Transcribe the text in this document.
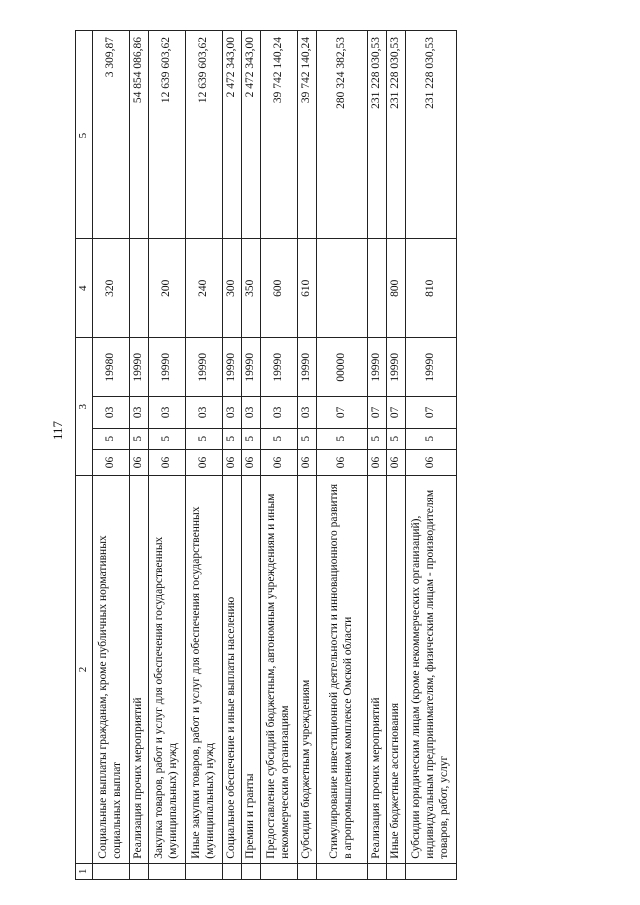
117
1	2	3				4	5
	Социальные выплаты гражданам, кроме публичных нормативных социальных выплат	06	5	03	19980	320	3 309,87
	Реализация прочих мероприятий	06	5	03	19990		54 854 086,86
	Закупка товаров, работ и услуг для обеспечения государственных (муниципальных) нужд	06	5	03	19990	200	12 639 603,62
	Иные закупки товаров, работ и услуг для обеспечения государственных (муниципальных) нужд	06	5	03	19990	240	12 639 603,62
	Социальное обеспечение и иные выплаты населению	06	5	03	19990	300	2 472 343,00
	Премии и гранты	06	5	03	19990	350	2 472 343,00
	Предоставление субсидий бюджетным, автономным учреждениям и иным некоммерческим организациям	06	5	03	19990	600	39 742 140,24
	Субсидии бюджетным учреждениям	06	5	03	19990	610	39 742 140,24
	Стимулирование инвестиционной деятельности и инновационного развития в агропромышленном комплексе Омской области	06	5	07	00000		280 324 382,53
	Реализация прочих мероприятий	06	5	07	19990		231 228 030,53
	Иные бюджетные ассигнования	06	5	07	19990	800	231 228 030,53
	Субсидии юридическим лицам (кроме некоммерческих организаций), индивидуальным предпринимателям, физическим лицам - производителям товаров, работ, услуг	06	5	07	19990	810	231 228 030,53
